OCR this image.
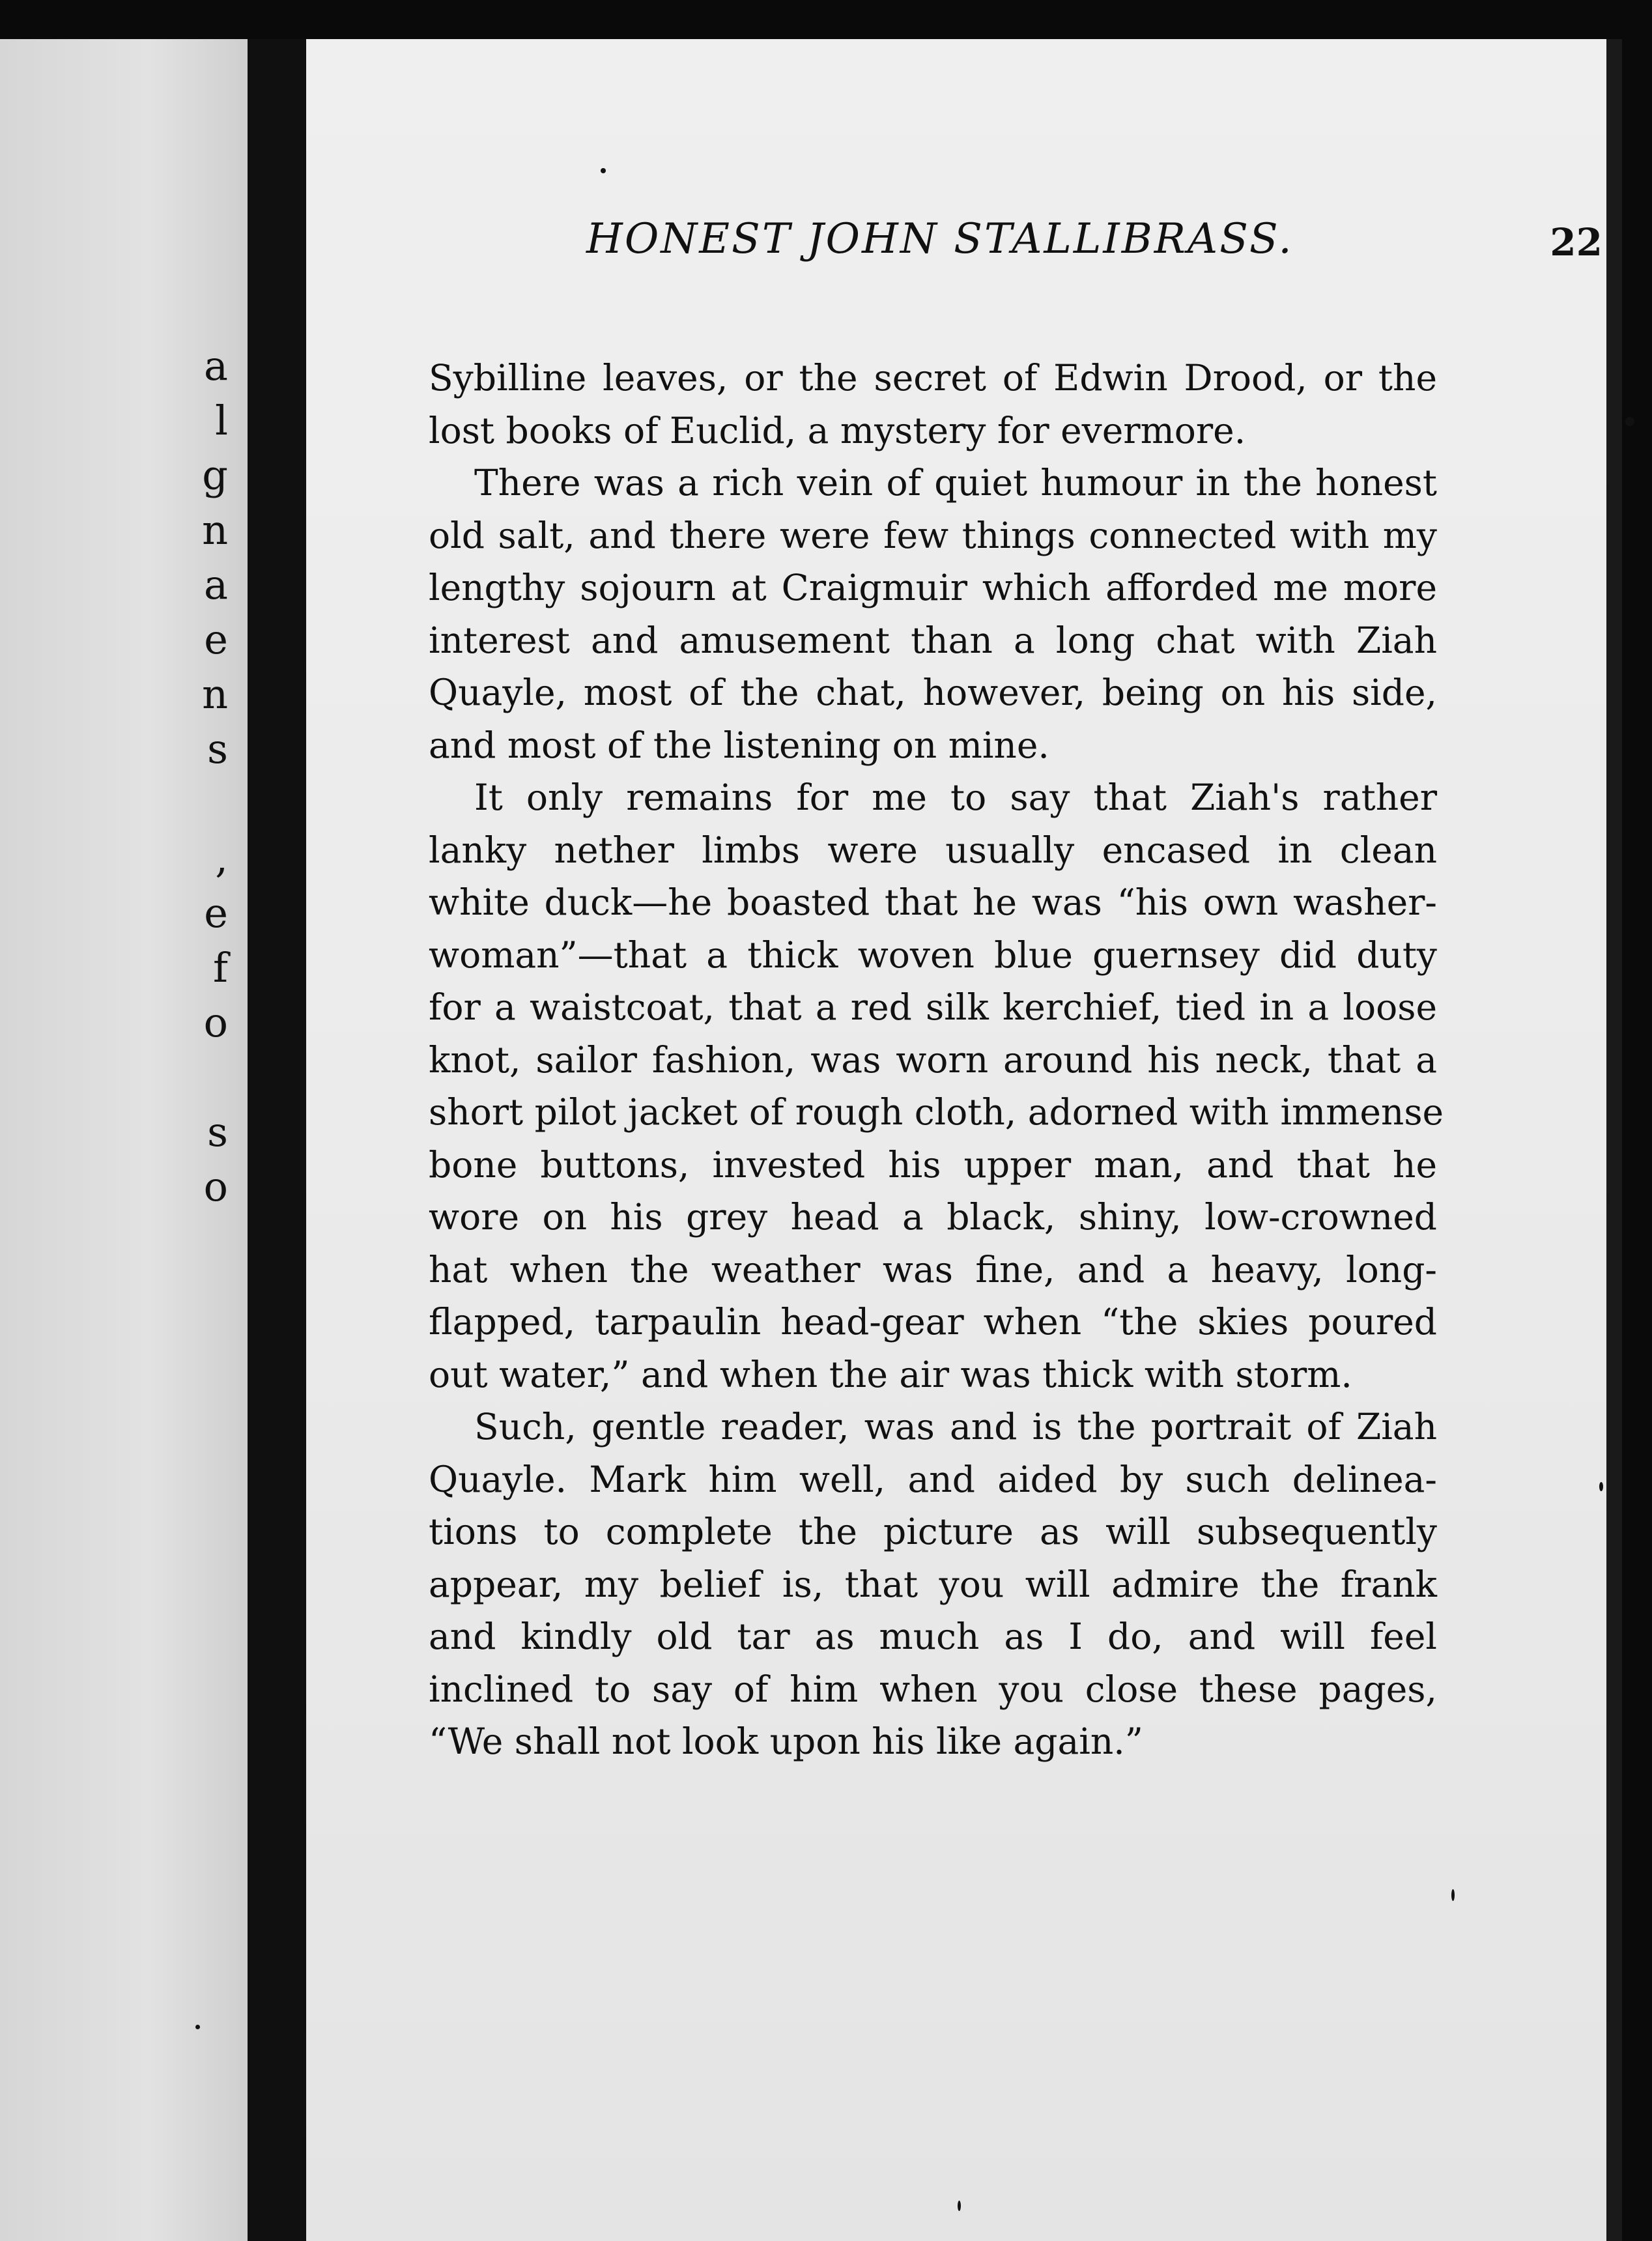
a
l
g
n
a
e
n
s

,
e
f
o

s
o
HONEST JOHN STALLIBRASS.	22
Sybilline leaves, or the secret of Edwin Drood, or the
lost books of Euclid, a mystery for evermore.
There was a rich vein of quiet humour in the honest
old salt, and there were few things connected with my
lengthy sojourn at Craigmuir which afforded me more
interest and amusement than a long chat with Ziah
Quayle, most of the chat, however, being on his side,
and most of the listening on mine.
It only remains for me to say that Ziah's rather
lanky nether limbs were usually encased in clean
white duck—he boasted that he was “his own washer-
woman”—that a thick woven blue guernsey did duty
for a waistcoat, that a red silk kerchief, tied in a loose
knot, sailor fashion, was worn around his neck, that a
short pilot jacket of rough cloth, adorned with immense
bone buttons, invested his upper man, and that he
wore on his grey head a black, shiny, low-crowned
hat when the weather was fine, and a heavy, long-
flapped, tarpaulin head-gear when “the skies poured
out water,” and when the air was thick with storm.
Such, gentle reader, was and is the portrait of Ziah
Quayle. Mark him well, and aided by such delinea-
tions to complete the picture as will subsequently
appear, my belief is, that you will admire the frank
and kindly old tar as much as I do, and will feel
inclined to say of him when you close these pages,
“We shall not look upon his like again.”
